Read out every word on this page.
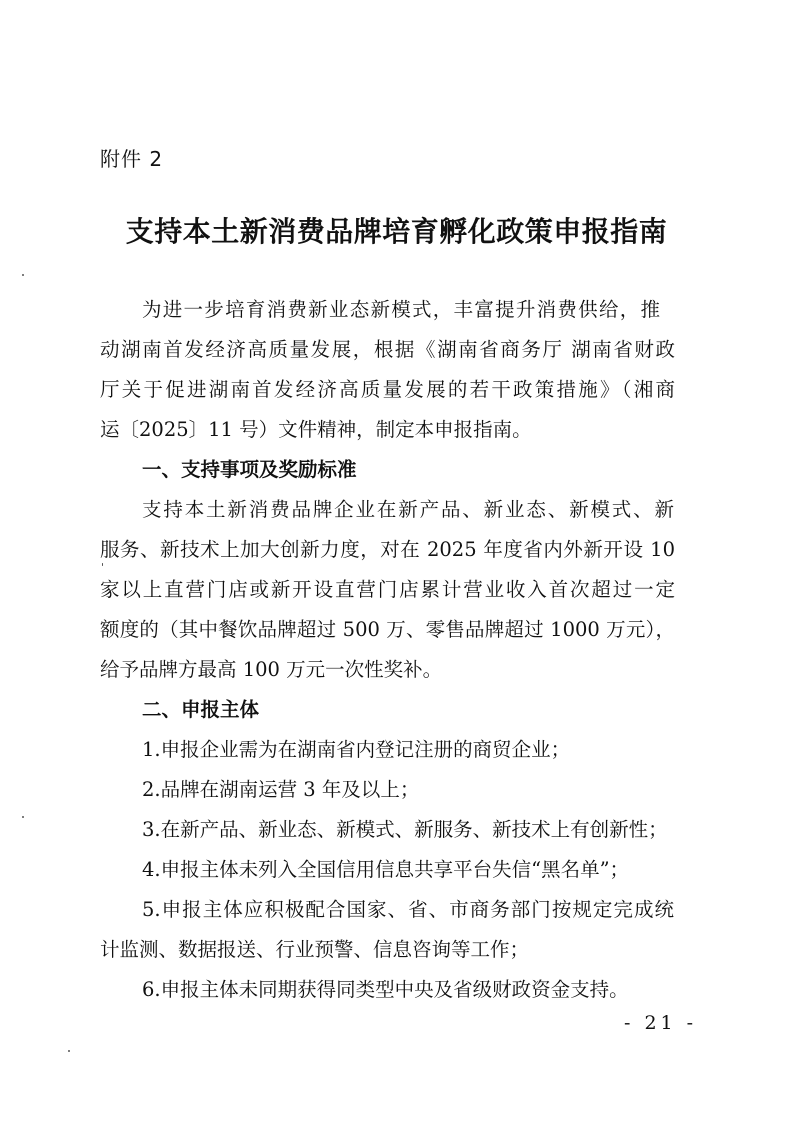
附件 2
支持本土新消费品牌培育孵化政策申报指南
为进一步培育消费新业态新模式，丰富提升消费供给，推
动湖南首发经济高质量发展，根据《湖南省商务厅 湖南省财政
厅关于促进湖南首发经济高质量发展的若干政策措施》（湘商
运〔2025〕11 号）文件精神，制定本申报指南。
一、支持事项及奖励标准
支持本土新消费品牌企业在新产品、新业态、新模式、新
服务、新技术上加大创新力度，对在 2025 年度省内外新开设 10
家以上直营门店或新开设直营门店累计营业收入首次超过一定
额度的（其中餐饮品牌超过 500 万、零售品牌超过 1000 万元），
给予品牌方最高 100 万元一次性奖补。
二、申报主体
1.申报企业需为在湖南省内登记注册的商贸企业；
2.品牌在湖南运营 3 年及以上；
3.在新产品、新业态、新模式、新服务、新技术上有创新性；
4.申报主体未列入全国信用信息共享平台失信“黑名单”；
5.申报主体应积极配合国家、省、市商务部门按规定完成统
计监测、数据报送、行业预警、信息咨询等工作；
6.申报主体未同期获得同类型中央及省级财政资金支持。
- 21 -
